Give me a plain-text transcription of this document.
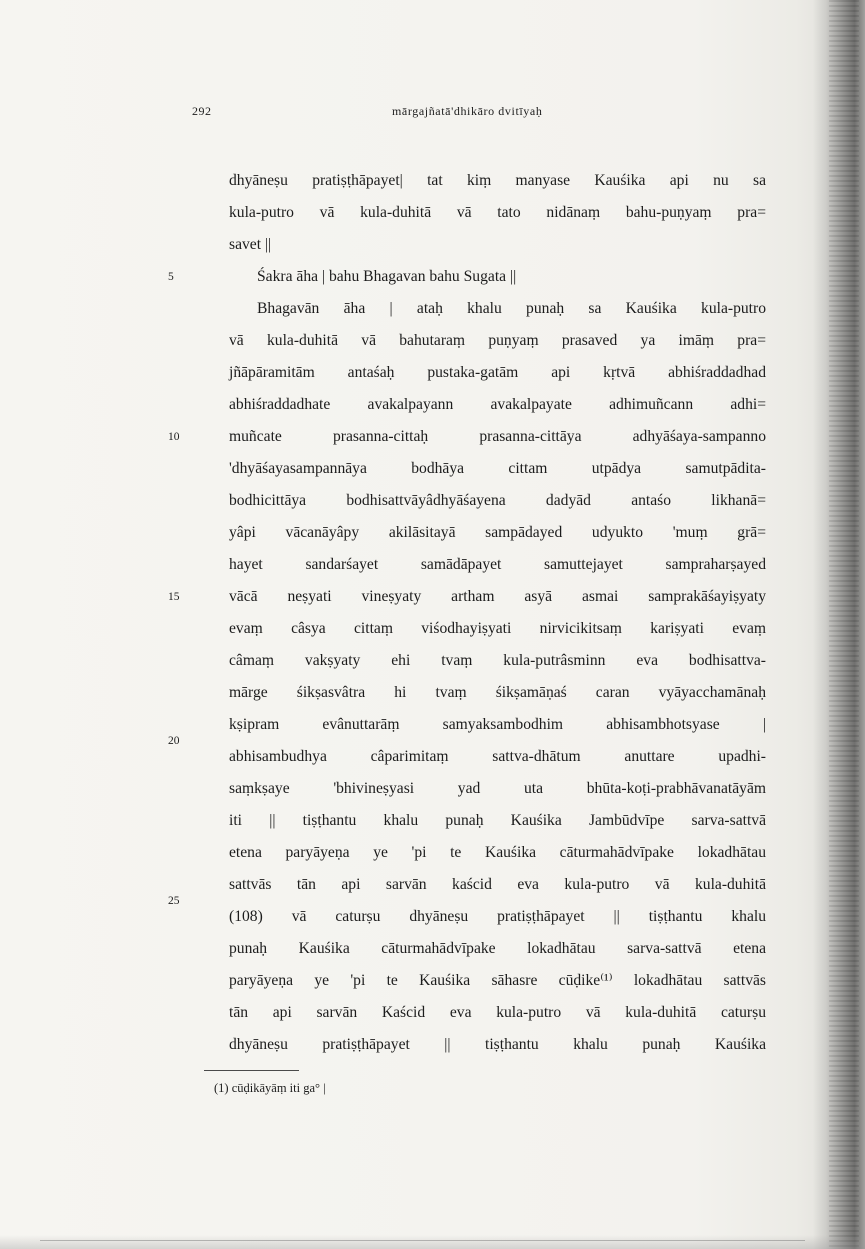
292	mārgajñatā'dhikāro dvitīyaḥ
5
10
15
20
25
dhyāneṣu pratiṣṭhāpayet| tat kiṃ manyase Kauśika api nu sa
kula-putro vā kula-duhitā vā tato nidānaṃ bahu-puṇyaṃ pra=
savet ||
Śakra āha | bahu Bhagavan bahu Sugata ||
Bhagavān āha | ataḥ khalu punaḥ sa Kauśika kula-putro
vā kula-duhitā vā bahutaraṃ puṇyaṃ prasaved ya imāṃ pra=
jñāpāramitām antaśaḥ pustaka-gatām api kṛtvā abhiśraddadhad
abhiśraddadhate avakalpayann avakalpayate adhimuñcann adhi=
muñcate prasanna-cittaḥ prasanna-cittāya adhyāśaya-sampanno
'dhyāśayasampannāya bodhāya cittam utpādya samutpādita-
bodhicittāya bodhisattvāyâdhyāśayena dadyād antaśo likhanā=
yâpi vācanāyâpy akilāsitayā sampādayed udyukto 'muṃ grā=
hayet sandarśayet samādāpayet samuttejayet sampraharṣayed
vācā neṣyati vineṣyaty artham asyā asmai samprakāśayiṣyaty
evaṃ câsya cittaṃ viśodhayiṣyati nirvicikitsaṃ kariṣyati evaṃ
câmaṃ vakṣyaty ehi tvaṃ kula-putrâsminn eva bodhisattva-
mārge śikṣasvâtra hi tvaṃ śikṣamāṇaś caran vyāyacchamānaḥ
kṣipram evânuttarāṃ samyaksambodhim abhisambhotsyase |
abhisambudhya câparimitaṃ sattva-dhātum anuttare upadhi-
saṃkṣaye 'bhivineṣyasi yad uta bhūta-koṭi-prabhāvanatāyām
iti || tiṣṭhantu khalu punaḥ Kauśika Jambūdvīpe sarva-sattvā
etena paryāyeṇa ye 'pi te Kauśika cāturmahādvīpake lokadhātau
sattvās tān api sarvān kaścid eva kula-putro vā kula-duhitā
(108) vā caturṣu dhyāneṣu pratiṣṭhāpayet || tiṣṭhantu khalu
punaḥ Kauśika cāturmahādvīpake lokadhātau sarva-sattvā etena
paryāyeṇa ye 'pi te Kauśika sāhasre cūḍike⁽¹⁾ lokadhātau sattvās
tān api sarvān Kaścid eva kula-putro vā kula-duhitā caturṣu
dhyāneṣu pratiṣṭhāpayet || tiṣṭhantu khalu punaḥ Kauśika
(1) cūḍikāyāṃ iti ga° |
